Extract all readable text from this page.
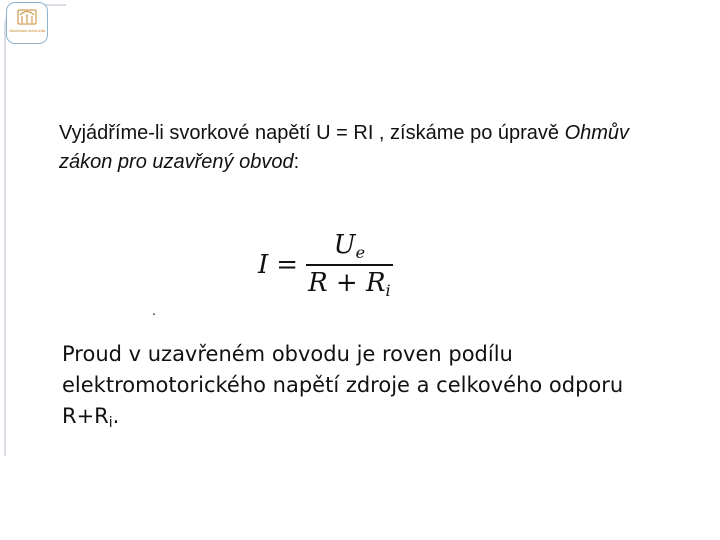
Jihočeská univerzita
Vyjádříme-li svorkové napětí U = RI , získáme po úpravě Ohmův zákon pro uzavřený obvod:
$I = \frac{U_e}{R + R_i}$
.
Proud v uzavřeném obvodu je roven podílu elektromotorického napětí zdroje a celkového odporu $R+R_i$.
